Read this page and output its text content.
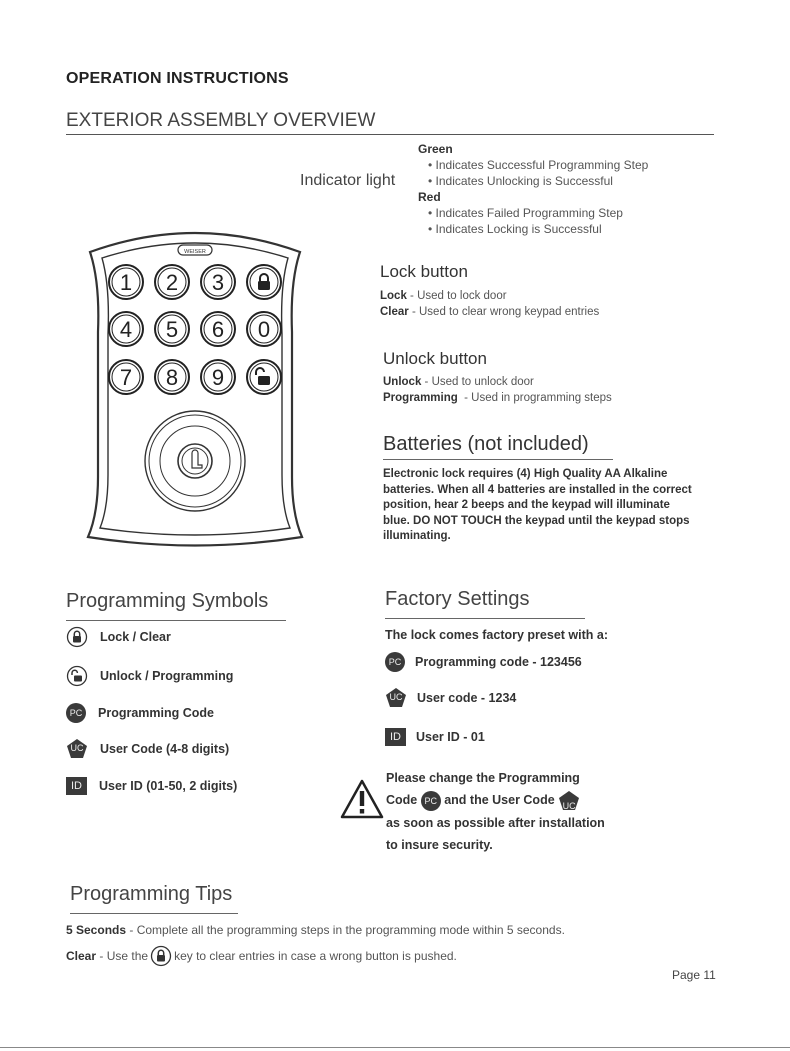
OPERATION INSTRUCTIONS
EXTERIOR ASSEMBLY OVERVIEW
Indicator light
Green
• Indicates Successful Programming Step
• Indicates Unlocking is Successful
Red
• Indicates Failed Programming Step
• Indicates Locking is Successful
WEISER
1 2 3
4 5 6 0
7 8 9
Lock button
Lock - Used to lock door
Clear - Used to clear wrong keypad entries
Unlock button
Unlock - Used to unlock door
Programming  - Used in programming steps
Batteries (not included)
Electronic lock requires (4) High Quality AA Alkaline batteries. When all 4 batteries are installed in the correct position, hear 2 beeps and the keypad will illuminate blue. DO NOT TOUCH the keypad until the keypad stops illuminating.
Programming Symbols
Lock / Clear
Unlock / Programming
PC	Programming Code
UC	User Code (4-8 digits)
ID	User ID (01-50, 2 digits)
Factory Settings
The lock comes factory preset with a:
PC	Programming code - 123456
UC	User code - 1234
ID	User ID - 01
Please change the Programming
Code PC and the User Code UC
as soon as possible after installation
to insure security.
Programming Tips
5 Seconds - Complete all the programming steps in the programming mode within 5 seconds.
Clear - Use the key to clear entries in case a wrong button is pushed.
Page 11
